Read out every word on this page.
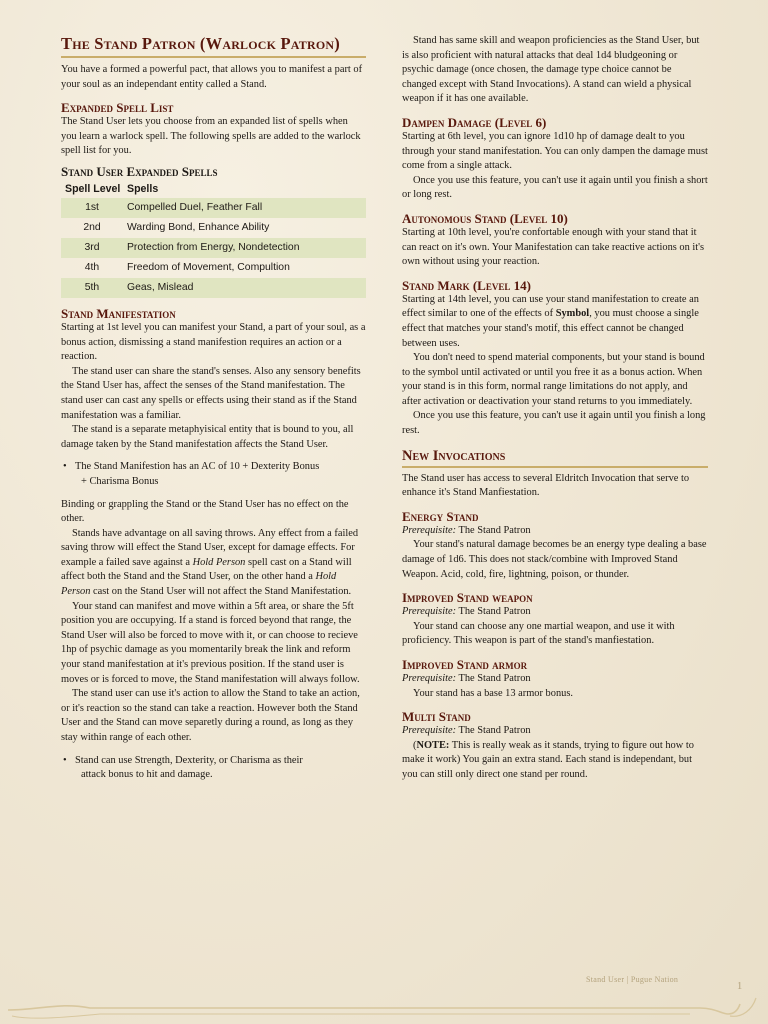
The Stand Patron (Warlock Patron)

You have a formed a powerful pact, that allows you to manifest a part of your soul as an independant entity called a Stand.

Expanded Spell List

The Stand User lets you choose from an expanded list of spells when you learn a warlock spell. The following spells are added to the warlock spell list for you.

Stand User Expanded Spells
Spell Level	Spells
1st	Compelled Duel, Feather Fall
2nd	Warding Bond, Enhance Ability
3rd	Protection from Energy, Nondetection
4th	Freedom of Movement, Compultion
5th	Geas, Mislead
Stand Manifestation

Starting at 1st level you can manifest your Stand, a part of your soul, as a bonus action, dismissing a stand manifestion requires an action or a reaction.

The stand user can share the stand's senses. Also any sensory benefits the Stand User has, affect the senses of the Stand manifestation. The stand user can cast any spells or effects using their stand as if the Stand manifestation was a familiar.

The stand is a separate metaphyisical entity that is bound to you, all damage taken by the Stand manifestation affects the Stand User.

• The Stand Manifestion has an AC of 10 + Dexterity Bonus
+ Charisma Bonus

Binding or grappling the Stand or the Stand User has no effect on the other.

Stands have advantage on all saving throws. Any effect from a failed saving throw will effect the Stand User, except for damage effects. For example a failed save against a Hold Person spell cast on a Stand will affect both the Stand and the Stand User, on the other hand a Hold Person cast on the Stand User will not affect the Stand Manifestation.

Your stand can manifest and move within a 5ft area, or share the 5ft position you are occupying. If a stand is forced beyond that range, the Stand User will also be forced to move with it, or can choose to recieve 1hp of psychic damage as you momentarily break the link and reform your stand manifestation at it's previous position. If the stand user is moves or is forced to move, the Stand manifestation will always follow.

The stand user can use it's action to allow the Stand to take an action, or it's reaction so the stand can take a reaction. However both the Stand User and the Stand can move separetly during a round, as long as they stay within range of each other.

• Stand can use Strength, Dexterity, or Charisma as their
attack bonus to hit and damage.

Stand has same skill and weapon proficiencies as the Stand User, but is also proficient with natural attacks that deal 1d4 bludgeoning or psychic damage (once chosen, the damage type choice cannot be changed except with Stand Invocations). A stand can wield a physical weapon if it has one available.

Dampen Damage (Level 6)

Starting at 6th level, you can ignore 1d10 hp of damage dealt to you through your stand manifestation. You can only dampen the damage must come from a single attack.

Once you use this feature, you can't use it again until you finish a short or long rest.

Autonomous Stand (Level 10)

Starting at 10th level, you're confortable enough with your stand that it can react on it's own. Your Manifestation can take reactive actions on it's own without using your reaction.

Stand Mark (Level 14)

Starting at 14th level, you can use your stand manifestation to create an effect similar to one of the effects of Symbol, you must choose a single effect that matches your stand's motif, this effect cannot be changed between uses.

You don't need to spend material components, but your stand is bound to the symbol until activated or until you free it as a bonus action. When your stand is in this form, normal range limitations do not apply, and after activation or deactivation your stand returns to you immediately.

Once you use this feature, you can't use it again until you finish a long rest.

New Invocations

The Stand user has access to several Eldritch Invocation that serve to enhance it's Stand Manfiestation.

Energy Stand

Prerequisite: The Stand Patron

Your stand's natural damage becomes be an energy type dealing a base damage of 1d6. This does not stack/combine with Improved Stand Weapon. Acid, cold, fire, lightning, poison, or thunder.

Improved Stand weapon

Prerequisite: The Stand Patron

Your stand can choose any one martial weapon, and use it with proficiency. This weapon is part of the stand's manfiestation.

Improved Stand armor

Prerequisite: The Stand Patron

Your stand has a base 13 armor bonus.

Multi Stand

Prerequisite: The Stand Patron

(NOTE: This is really weak as it stands, trying to figure out how to make it work) You gain an extra stand. Each stand is independant, but you can still only direct one stand per round.

Stand User | Pugue Nation
1
